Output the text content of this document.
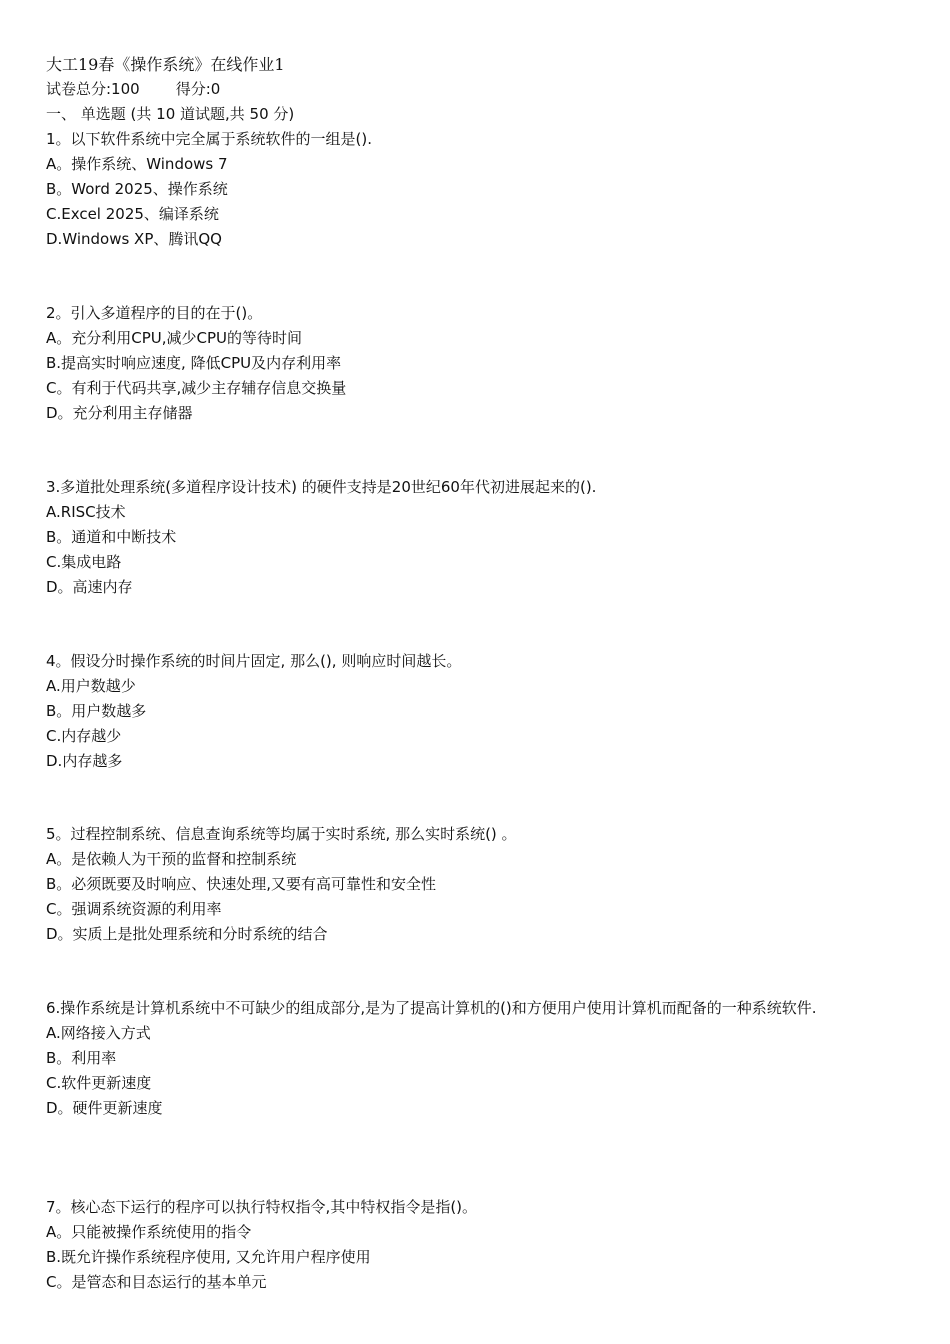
大工19春《操作系统》在线作业1
试卷总分:100 得分:0
一、 单选题 (共 10 道试题,共 50 分)
1。以下软件系统中完全属于系统软件的一组是().
A。操作系统、Windows 7
B。Word 2025、操作系统
C.Excel 2025、编译系统
D.Windows XP、腾讯QQ
2。引入多道程序的目的在于()。
A。充分利用CPU,减少CPU的等待时间
B.提高实时响应速度, 降低CPU及内存利用率
C。有利于代码共享,减少主存辅存信息交换量
D。充分利用主存储器
3.多道批处理系统(多道程序设计技术) 的硬件支持是20世纪60年代初进展起来的().
A.RISC技术
B。通道和中断技术
C.集成电路
D。高速内存
4。假设分时操作系统的时间片固定, 那么(), 则响应时间越长。
A.用户数越少
B。用户数越多
C.内存越少
D.内存越多
5。过程控制系统、信息查询系统等均属于实时系统, 那么实时系统() 。
A。是依赖人为干预的监督和控制系统
B。必须既要及时响应、快速处理,又要有高可靠性和安全性
C。强调系统资源的利用率
D。实质上是批处理系统和分时系统的结合
6.操作系统是计算机系统中不可缺少的组成部分,是为了提高计算机的()和方便用户使用计算机而配备的一种系统软件.
A.网络接入方式
B。利用率
C.软件更新速度
D。硬件更新速度
7。核心态下运行的程序可以执行特权指令,其中特权指令是指()。
A。只能被操作系统使用的指令
B.既允许操作系统程序使用, 又允许用户程序使用
C。是管态和目态运行的基本单元
